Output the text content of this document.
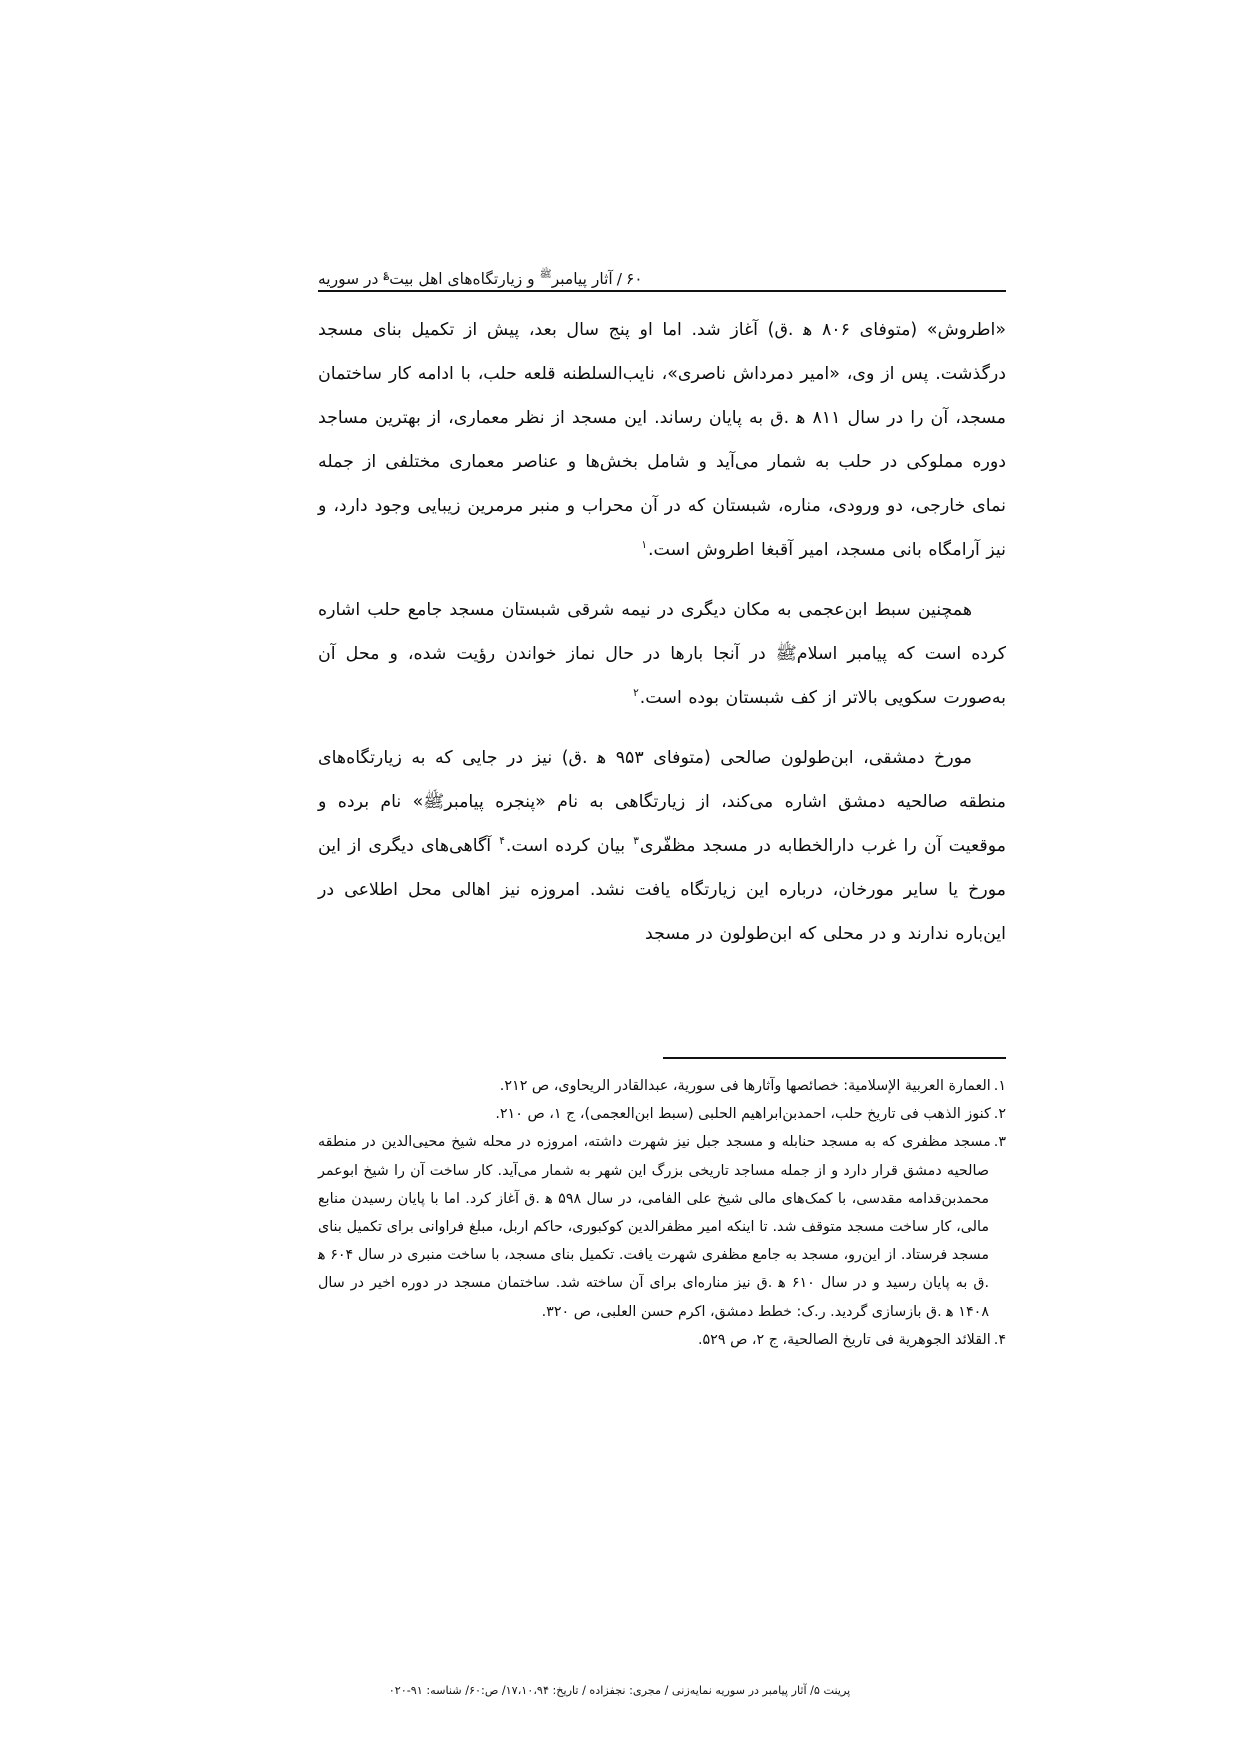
۶۰/آثار پیامبرﷺ و زیارتگاه‌های اهل بیت؏ در سوریه

«اطروش» (متوفای ۸۰۶ ه‍ .ق) آغاز شد. اما او پنج سال بعد، پیش از تکمیل بنای مسجد درگذشت. پس از وی، «امیر دمرداش ناصری»، نایب‌السلطنه قلعه حلب، با ادامه کار ساختمان مسجد، آن را در سال ۸۱۱ ه‍ .ق به پایان رساند. این مسجد از نظر معماری، از بهترین مساجد دوره مملوکی در حلب به شمار می‌آید و شامل بخش‌ها و عناصر معماری مختلفی از جمله نمای خارجی، دو ورودی، مناره، شبستان که در آن محراب و منبر مرمرین زیبایی وجود دارد، و نیز آرامگاه بانی مسجد، امیر آقبغا اطروش است.$^۱$

همچنین سبط ابن‌عجمی به مکان دیگری در نیمه شرقی شبستان مسجد جامع حلب اشاره کرده است که پیامبر اسلامﷺ در آنجا بارها در حال نماز خواندن رؤیت شده، و محل آن به‌صورت سکویی بالاتر از کف شبستان بوده است.$^۲$

مورخ دمشقی، ابن‌طولون صالحی (متوفای ۹۵۳ ه‍ .ق) نیز در جایی که به زیارتگاه‌های منطقه صالحیه دمشق اشاره می‌کند، از زیارتگاهی به نام «پنجره پیامبرﷺ» نام برده و موقعیت آن را غرب دارالخطابه در مسجد مظفّری$^۳$ بیان کرده است.$^۴$ آگاهی‌های دیگری از این مورخ یا سایر مورخان، درباره این زیارتگاه یافت نشد. امروزه نیز اهالی محل اطلاعی در این‌باره ندارند و در محلی که ابن‌طولون در مسجد

۱.العمارة العربیة الإسلامیة: خصائصها وآثارها فی سوریة، عبدالقادر الریحاوی، ص ۲۱۲.

۲.کنوز الذهب فی تاریخ حلب، احمدبن‌ابراهیم الحلبی (سبط ابن‌العجمی)، ج ۱، ص ۲۱۰.

۳.مسجد مظفری که به مسجد حنابله و مسجد جبل نیز شهرت داشته، امروزه در محله شیخ محیی‌الدین در منطقه صالحیه دمشق قرار دارد و از جمله مساجد تاریخی بزرگ این شهر به شمار می‌آید. کار ساخت آن را شیخ ابوعمر محمدبن‌قدامه مقدسی، با کمک‌های مالی شیخ علی الفامی، در سال ۵۹۸ ه‍ .ق آغاز کرد. اما با پایان رسیدن منابع مالی، کار ساخت مسجد متوقف شد. تا اینکه امیر مظفرالدین کوکبوری، حاکم اربل، مبلغ فراوانی برای تکمیل بنای مسجد فرستاد. از این‌رو، مسجد به جامع مظفری شهرت یافت. تکمیل بنای مسجد، با ساخت منبری در سال ۶۰۴ ه‍ .ق به پایان رسید و در سال ۶۱۰ ه‍ .ق نیز مناره‌ای برای آن ساخته شد. ساختمان مسجد در دوره اخیر در سال ۱۴۰۸ ه‍ .ق بازسازی گردید. ر.ک: خطط دمشق، اکرم حسن العلبی، ص ۳۲۰.

۴.القلائد الجوهریة فی تاریخ الصالحیة، ج ۲، ص ۵۲۹.

پرینت ۵/ آثار پیامبر در سوریه نمایه‌زنی / مجری: نجفزاده / تاریخ: ۱۷،۱۰،۹۴/ ص:۶۰/ شناسه: ۹۱-۰۲۰
